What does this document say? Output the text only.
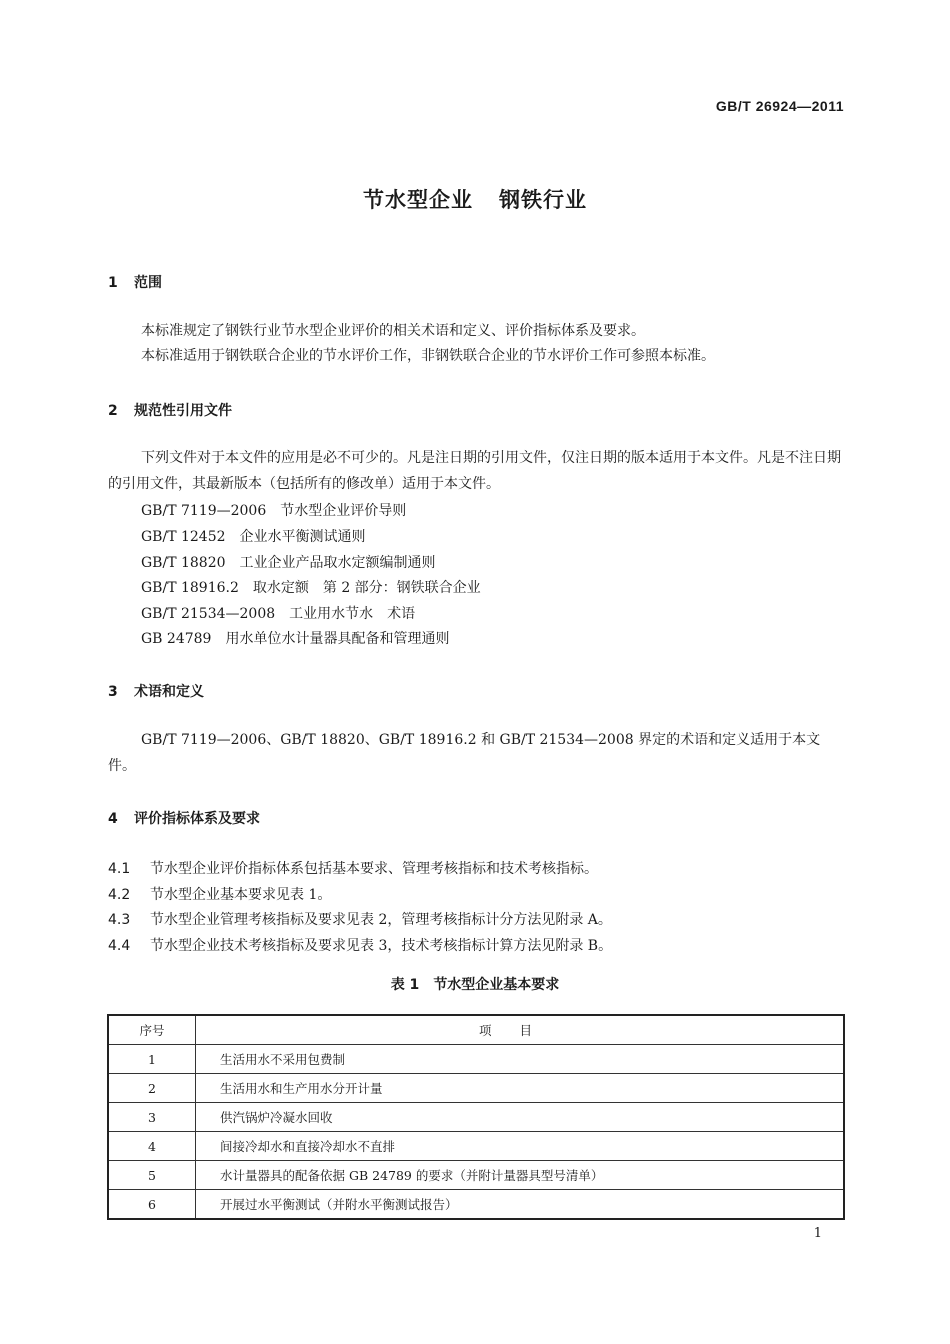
GB/T 26924—2011
节水型企业 钢铁行业
1 范围
本标准规定了钢铁行业节水型企业评价的相关术语和定义、评价指标体系及要求。
本标准适用于钢铁联合企业的节水评价工作，非钢铁联合企业的节水评价工作可参照本标准。
2 规范性引用文件
下列文件对于本文件的应用是必不可少的。凡是注日期的引用文件，仅注日期的版本适用于本文件。凡是不注日期的引用文件，其最新版本（包括所有的修改单）适用于本文件。
GB/T 7119—2006　节水型企业评价导则
GB/T 12452　企业水平衡测试通则
GB/T 18820　工业企业产品取水定额编制通则
GB/T 18916.2　取水定额　第 2 部分：钢铁联合企业
GB/T 21534—2008　工业用水节水　术语
GB 24789　用水单位水计量器具配备和管理通则
3 术语和定义
GB/T 7119—2006、GB/T 18820、GB/T 18916.2 和 GB/T 21534—2008 界定的术语和定义适用于本文件。
4 评价指标体系及要求
4.1 节水型企业评价指标体系包括基本要求、管理考核指标和技术考核指标。
4.2 节水型企业基本要求见表 1。
4.3 节水型企业管理考核指标及要求见表 2，管理考核指标计分方法见附录 A。
4.4 节水型企业技术考核指标及要求见表 3，技术考核指标计算方法见附录 B。
表 1 节水型企业基本要求
序号	项目
1	生活用水不采用包费制
2	生活用水和生产用水分开计量
3	供汽锅炉冷凝水回收
4	间接冷却水和直接冷却水不直排
5	水计量器具的配备依据 GB 24789 的要求（并附计量器具型号清单）
6	开展过水平衡测试（并附水平衡测试报告）
1
